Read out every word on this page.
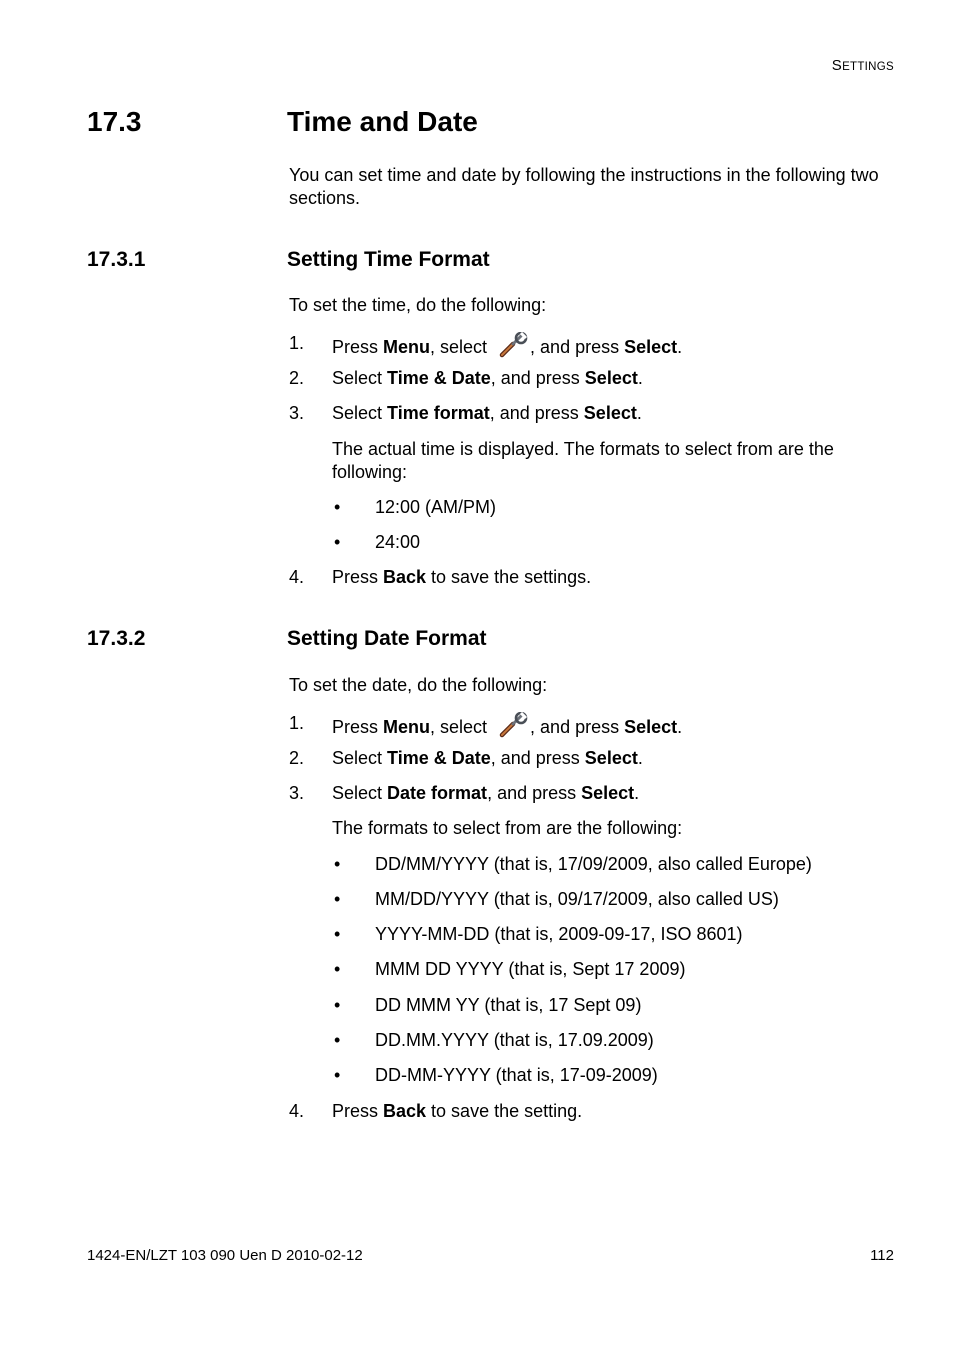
SETTINGS
17.3	Time and Date
You can set time and date by following the instructions in the following two sections.
17.3.1	Setting Time Format
To set the time, do the following:
1. Press Menu, select , and press Select.
2. Select Time & Date, and press Select.
3. Select Time format, and press Select.
The actual time is displayed. The formats to select from are the following:
• 12:00 (AM/PM)
• 24:00
4. Press Back to save the settings.
17.3.2	Setting Date Format
To set the date, do the following:
1. Press Menu, select , and press Select.
2. Select Time & Date, and press Select.
3. Select Date format, and press Select.
The formats to select from are the following:
• DD/MM/YYYY (that is, 17/09/2009, also called Europe)
• MM/DD/YYYY (that is, 09/17/2009, also called US)
• YYYY-MM-DD (that is, 2009-09-17, ISO 8601)
• MMM DD YYYY (that is, Sept 17 2009)
• DD MMM YY (that is, 17 Sept 09)
• DD.MM.YYYY (that is, 17.09.2009)
• DD-MM-YYYY (that is, 17-09-2009)
4. Press Back to save the setting.
1424-EN/LZT 103 090 Uen D 2010-02-12	112
